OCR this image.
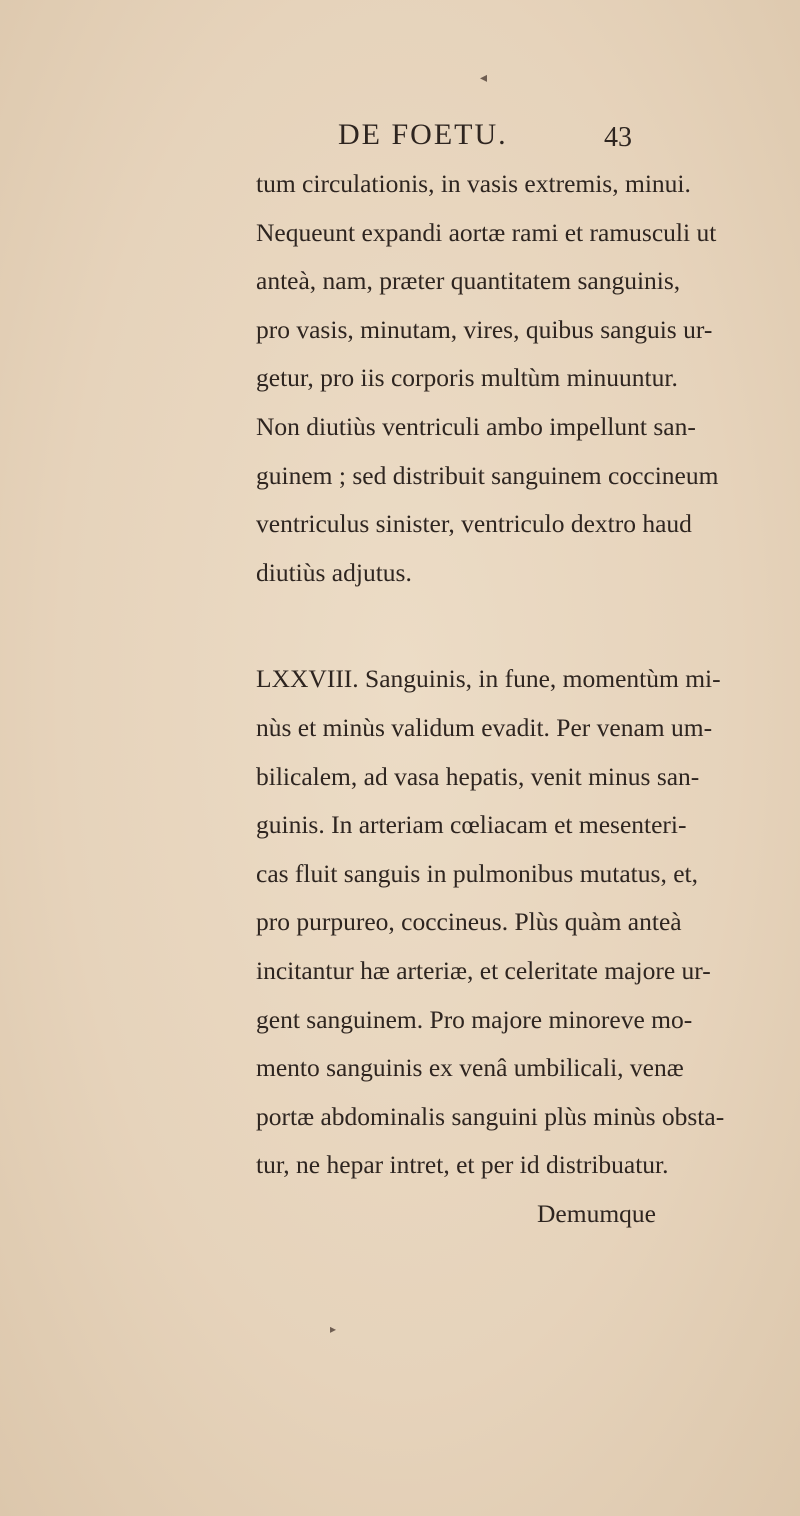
DE FOETU.	43
tum circulationis, in vasis extremis, minui.
Nequeunt expandi aortæ rami et ramusculi ut
anteà, nam, præter quantitatem sanguinis,
pro vasis, minutam, vires, quibus sanguis ur-
getur, pro iis corporis multùm minuuntur.
Non diutiùs ventriculi ambo impellunt san-
guinem ; sed distribuit sanguinem coccineum
ventriculus sinister, ventriculo dextro haud
diutiùs adjutus.
LXXVIII. Sanguinis, in fune, momentùm mi-
nùs et minùs validum evadit. Per venam um-
bilicalem, ad vasa hepatis, venit minus san-
guinis. In arteriam cœliacam et mesenteri-
cas fluit sanguis in pulmonibus mutatus, et,
pro purpureo, coccineus. Plùs quàm anteà
incitantur hæ arteriæ, et celeritate majore ur-
gent sanguinem. Pro majore minoreve mo-
mento sanguinis ex venâ umbilicali, venæ
portæ abdominalis sanguini plùs minùs obsta-
tur, ne hepar intret, et per id distribuatur.
Demumque
◂
▸
